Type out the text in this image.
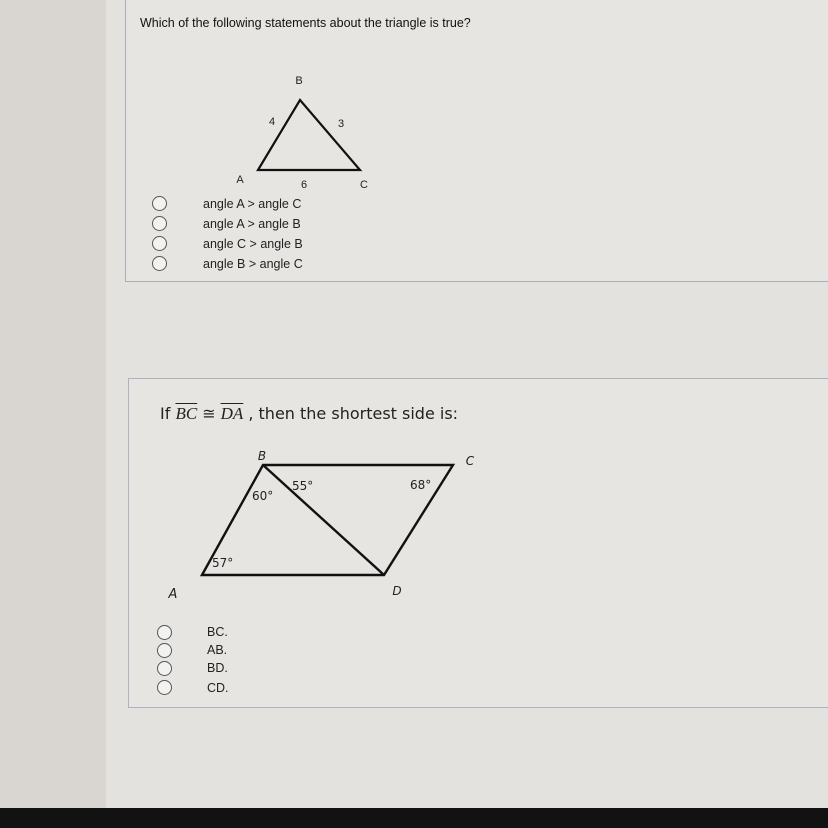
Which of the following statements about the triangle is true?
B
4	3
A	6	C
angle A > angle C
angle A > angle B
angle C > angle B
angle B > angle C
If $\overline{BC}$ ≅ $\overline{DA}$ , then the shortest side is:
B	C
A	D
60°
55°	68°
57°
BC.
AB.
BD.
CD.
